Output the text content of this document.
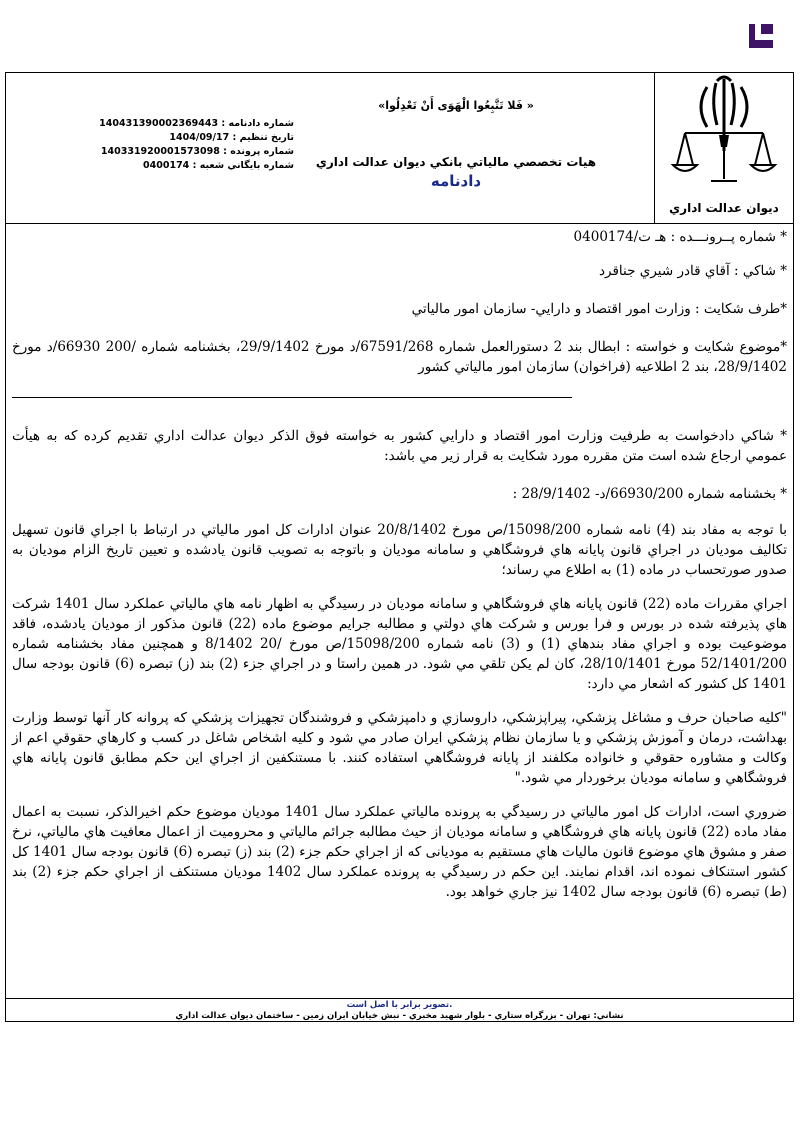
ديوان عدالت اداري
«فَلا تَتَّبِعُوا الْهَوَى أَنْ تَعْدِلُوا »
هيات تخصصي مالياتي بانكي ديوان عدالت اداري
دادنامه
شماره دادنامه : 140431390002369443
تاريخ تنظيم : 1404/09/17
شماره پرونده : 140331920001573098
شماره بايگاني شعبه : 0400174

* شماره پــرونـــده : هـ ت/0400174

* شاكي : آقاي قادر شيري جناقرد

*طرف شكايت : وزارت امور اقتصاد و دارايي- سازمان امور مالياتي

*موضوع شكايت و خواسته : ابطال بند 2 دستورالعمل شماره 67591/268/د مورخ 29/9/1402، بخشنامه شماره /200 66930/د مورخ 28/9/1402، بند 2 اطلاعيه (فراخوان) سازمان امور مالياتي كشور

* شاكي دادخواست به طرفيت وزارت امور اقتصاد و دارايي كشور به خواسته فوق الذكر ديوان عدالت اداري تقديم كرده كه به هيأت عمومي ارجاع شده است متن مقرره مورد شكايت به قرار زير مي باشد:

* بخشنامه شماره 66930/200/د- 28/9/1402 :

با توجه به مفاد بند (4) نامه شماره 15098/200/ص مورخ 20/8/1402 عنوان ادارات كل امور مالياتي در ارتباط با اجراي قانون تسهيل تكاليف موديان در اجراي قانون پايانه هاي فروشگاهي و سامانه موديان و باتوجه به تصويب قانون يادشده و تعيين تاريخ الزام موديان به صدور صورتحساب در ماده (1) به اطلاع مي رساند؛

اجراي مقررات ماده (22) قانون پايانه هاي فروشگاهي و سامانه موديان در رسيدگي به اظهار نامه هاي مالياتي عملكرد سال 1401 شركت هاي پذيرفته شده در بورس و فرا بورس و شركت هاي دولتي و مطالبه جرايم موضوع ماده (22) قانون مذكور از موديان يادشده، فاقد موضوعيت بوده و اجراي مفاد بندهاي (1) و (3) نامه شماره 15098/200/ص مورخ /20 8/1402 و همچنين مفاد بخشنامه شماره 52/1401/200 مورخ 28/10/1401، كان لم يكن تلقي مي شود. در همين راستا و در اجراي جزء (2) بند (ز) تبصره (6) قانون بودجه سال 1401 كل كشور كه اشعار مي دارد:

"كليه صاحبان حرف و مشاغل پزشكي، پيراپزشكي، داروسازي و دامپزشكي و فروشندگان تجهيزات پزشكي كه پروانه كار آنها توسط وزارت بهداشت، درمان و آموزش پزشكي و يا سازمان نظام پزشكي ايران صادر مي شود و كليه اشخاص شاغل در كسب و كارهاي حقوقي اعم از وكالت و مشاوره حقوقي و خانواده مكلفند از پايانه فروشگاهي استفاده كنند. با مستنكفين از اجراي اين حكم مطابق قانون پايانه هاي فروشگاهي و سامانه موديان برخوردار مي شود."

ضروري است، ادارات كل امور مالياتي در رسيدگي به پرونده مالياتي عملكرد سال 1401 موديان موضوع حكم اخيرالذكر، نسبت به اعمال مفاد ماده (22) قانون پايانه هاي فروشگاهي و سامانه موديان از حيث مطالبه جرائم مالياتي و محروميت از اعمال معافيت هاي مالياتي، نرخ صفر و مشوق هاي موضوع قانون ماليات هاي مستقيم به موديانی كه از اجراي حكم جزء (2) بند (ز) تبصره (6) قانون بودجه سال 1401 كل كشور استنكاف نموده اند، اقدام نمايند. اين حكم در رسيدگي به پرونده عملكرد سال 1402 موديان مستنكف از اجراي حكم جزء (2) بند (ط) تبصره (6) قانون بودجه سال 1402 نيز جاري خواهد بود.

تصوير برابر با اصل است.
نشاني: تهران - بزرگراه ستاري - بلوار شهيد مخبري - نبش خيابان ايران زمين - ساختمان ديوان عدالت اداري
